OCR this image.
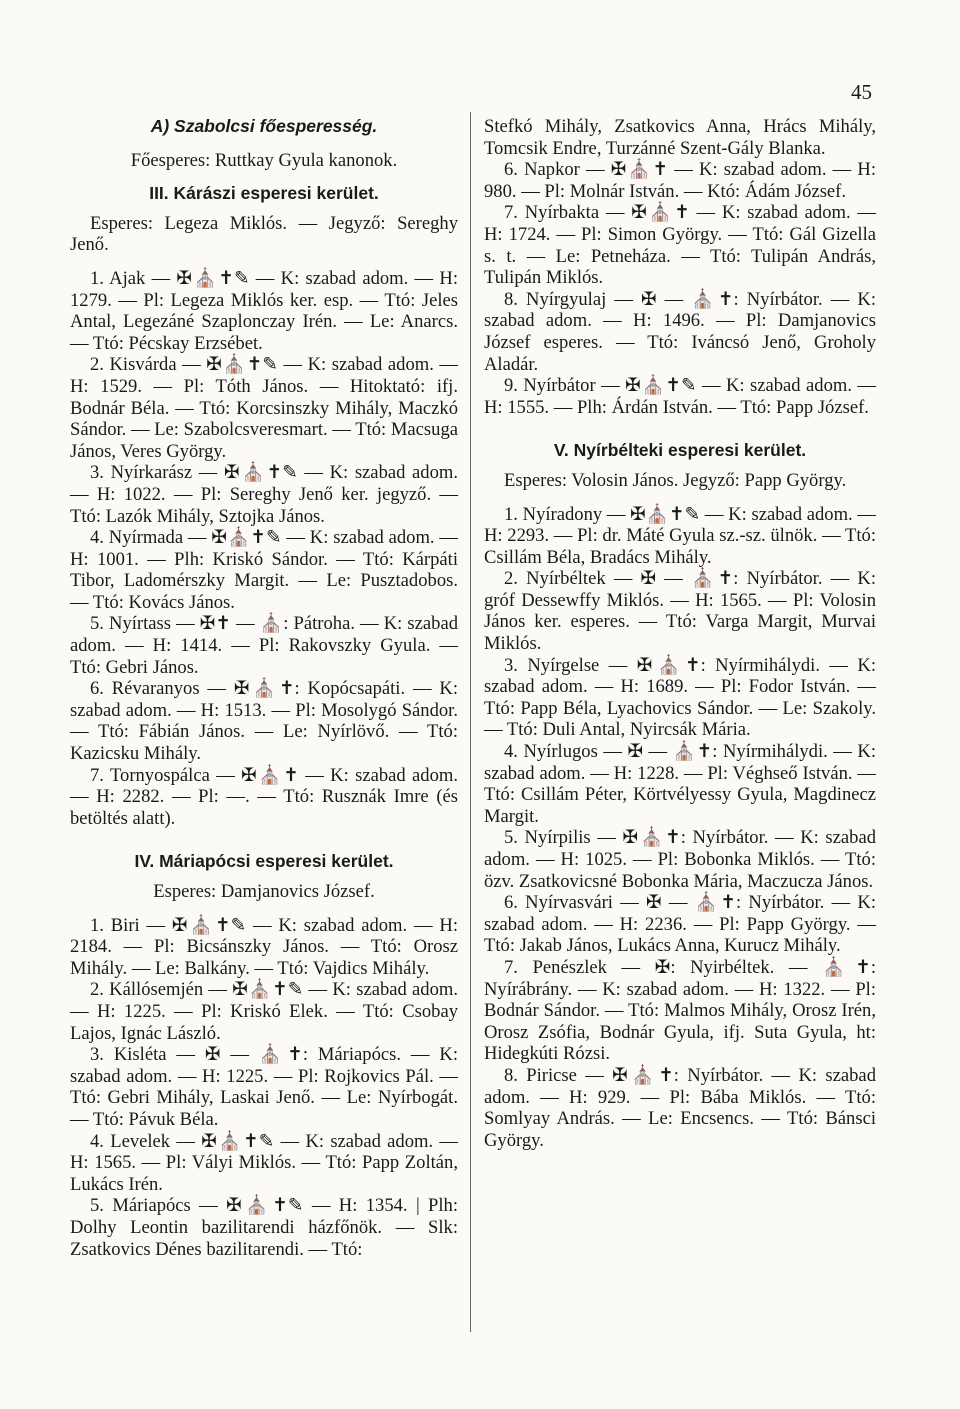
45

A) Szabolcsi főesperesség.

Főesperes: Ruttkay Gyula kanonok.

III. Kárászi esperesi kerület.

Esperes: Legeza Miklós. — Jegyző: Sereghy Jenő.

1. Ajak — ✠⛪✝✎ — K: szabad adom. — H: 1279. — Pl: Legeza Miklós ker. esp. — Ttó: Jeles Antal, Legezáné Szaplonczay Irén. — Le: Anarcs. — Ttó: Pécskay Erzsébet.

2. Kisvárda — ✠⛪✝✎ — K: szabad adom. — H: 1529. — Pl: Tóth János. — Hitoktató: ifj. Bodnár Béla. — Ttó: Korcsinszky Mihály, Maczkó Sándor. — Le: Szabolcsveresmart. — Ttó: Macsuga János, Veres György.

3. Nyírkarász — ✠⛪✝✎ — K: szabad adom. — H: 1022. — Pl: Sereghy Jenő ker. jegyző. — Ttó: Lazók Mihály, Sztojka János.

4. Nyírmada — ✠⛪✝✎ — K: szabad adom. — H: 1001. — Plh: Kriskó Sándor. — Ttó: Kárpáti Tibor, Ladomérszky Margit. — Le: Pusztadobos. — Ttó: Kovács János.

5. Nyírtass — ✠✝ — ⛪: Pátroha. — K: szabad adom. — H: 1414. — Pl: Rakovszky Gyula. — Ttó: Gebri János.

6. Révaranyos — ✠⛪✝: Kopócsapáti. — K: szabad adom. — H: 1513. — Pl: Mosolygó Sándor. — Ttó: Fábián János. — Le: Nyírlövő. — Ttó: Kazicsku Mihály.

7. Tornyospálca — ✠⛪✝ — K: szabad adom. — H: 2282. — Pl: —. — Ttó: Rusznák Imre (és betöltés alatt).

IV. Máriapócsi esperesi kerület.

Esperes: Damjanovics József.

1. Biri — ✠⛪✝✎ — K: szabad adom. — H: 2184. — Pl: Bicsánszky János. — Ttó: Orosz Mihály. — Le: Balkány. — Ttó: Vajdics Mihály.

2. Kállósemjén — ✠⛪✝✎ — K: szabad adom. — H: 1225. — Pl: Kriskó Elek. — Ttó: Csobay Lajos, Ignác László.

3. Kisléta — ✠ — ⛪✝: Máriapócs. — K: szabad adom. — H: 1225. — Pl: Rojkovics Pál. — Ttó: Gebri Mihály, Laskai Jenő. — Le: Nyírbogát. — Ttó: Pávuk Béla.

4. Levelek — ✠⛪✝✎ — K: szabad adom. — H: 1565. — Pl: Vályi Miklós. — Ttó: Papp Zoltán, Lukács Irén.

5. Máriapócs — ✠⛪✝✎ — H: 1354. | Plh: Dolhy Leontin bazilitarendi házfőnök. — Slk: Zsatkovics Dénes bazilitarendi. — Ttó:

Stefkó Mihály, Zsatkovics Anna, Hrács Mihály, Tomcsik Endre, Turzánné Szent-Gály Blanka.

6. Napkor — ✠⛪✝ — K: szabad adom. — H: 980. — Pl: Molnár István. — Któ: Ádám József.

7. Nyírbakta — ✠⛪✝ — K: szabad adom. — H: 1724. — Pl: Simon György. — Ttó: Gál Gizella s. t. — Le: Petneháza. — Ttó: Tulipán András, Tulipán Miklós.

8. Nyírgyulaj — ✠ — ⛪✝: Nyírbátor. — K: szabad adom. — H: 1496. — Pl: Damjanovics József esperes. — Ttó: Iváncsó Jenő, Groholy Aladár.

9. Nyírbátor — ✠⛪✝✎ — K: szabad adom. — H: 1555. — Plh: Árdán István. — Ttó: Papp József.

V. Nyírbélteki esperesi kerület.

Esperes: Volosin János. Jegyző: Papp György.

1. Nyíradony — ✠⛪✝✎ — K: szabad adom. — H: 2293. — Pl: dr. Máté Gyula sz.-sz. ülnök. — Ttó: Csillám Béla, Bradács Mihály.

2. Nyírbéltek — ✠ — ⛪✝: Nyírbátor. — K: gróf Dessewffy Miklós. — H: 1565. — Pl: Volosin János ker. esperes. — Ttó: Varga Margit, Murvai Miklós.

3. Nyírgelse — ✠⛪✝: Nyírmihálydi. — K: szabad adom. — H: 1689. — Pl: Fodor István. — Ttó: Papp Béla, Lyachovics Sándor. — Le: Szakoly. — Ttó: Duli Antal, Nyircsák Mária.

4. Nyírlugos — ✠ — ⛪✝: Nyírmihálydi. — K: szabad adom. — H: 1228. — Pl: Véghseő István. — Ttó: Csillám Péter, Körtvélyessy Gyula, Magdinecz Margit.

5. Nyírpilis — ✠⛪✝: Nyírbátor. — K: szabad adom. — H: 1025. — Pl: Bobonka Miklós. — Ttó: özv. Zsatkovicsné Bobonka Mária, Maczucza János.

6. Nyírvasvári — ✠ — ⛪✝: Nyírbátor. — K: szabad adom. — H: 2236. — Pl: Papp György. — Ttó: Jakab János, Lukács Anna, Kurucz Mihály.

7. Penészlek — ✠: Nyirbéltek. — ⛪✝: Nyírábrány. — K: szabad adom. — H: 1322. — Pl: Bodnár Sándor. — Ttó: Malmos Mihály, Orosz Irén, Orosz Zsófia, Bodnár Gyula, ifj. Suta Gyula, ht: Hidegkúti Rózsi.

8. Piricse — ✠⛪✝: Nyírbátor. — K: szabad adom. — H: 929. — Pl: Bába Miklós. — Ttó: Somlyay András. — Le: Encsencs. — Ttó: Bánsci György.
